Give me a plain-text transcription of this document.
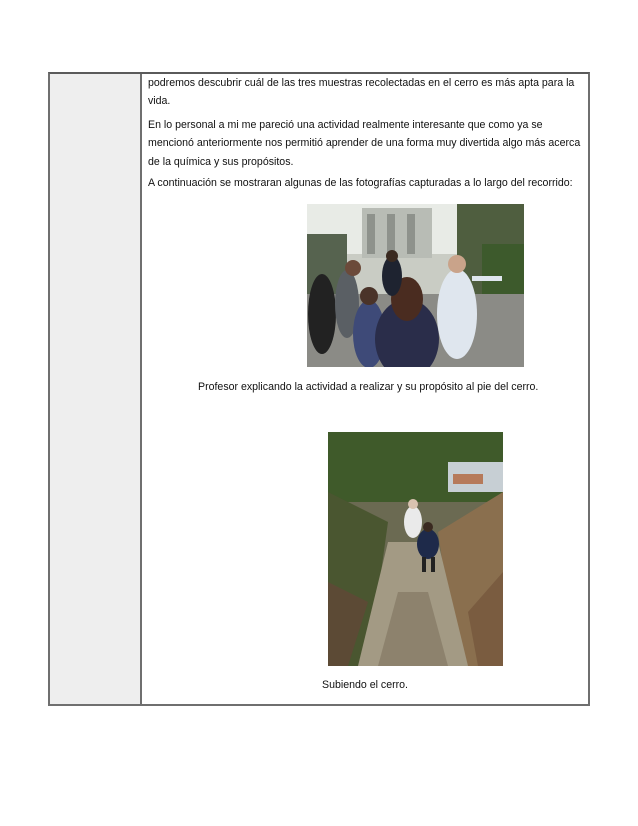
podremos descubrir cuál de las tres muestras recolectadas en el cerro es más apta para la vida.
En lo personal a mi me pareció una actividad realmente interesante que como ya se mencionó anteriormente nos permitió aprender de una forma muy divertida algo más acerca de la química y sus propósitos.
A continuación se mostraran algunas de las fotografías capturadas a lo largo del recorrido:
Profesor explicando la actividad a realizar y su propósito al pie del cerro.
Subiendo el cerro.
